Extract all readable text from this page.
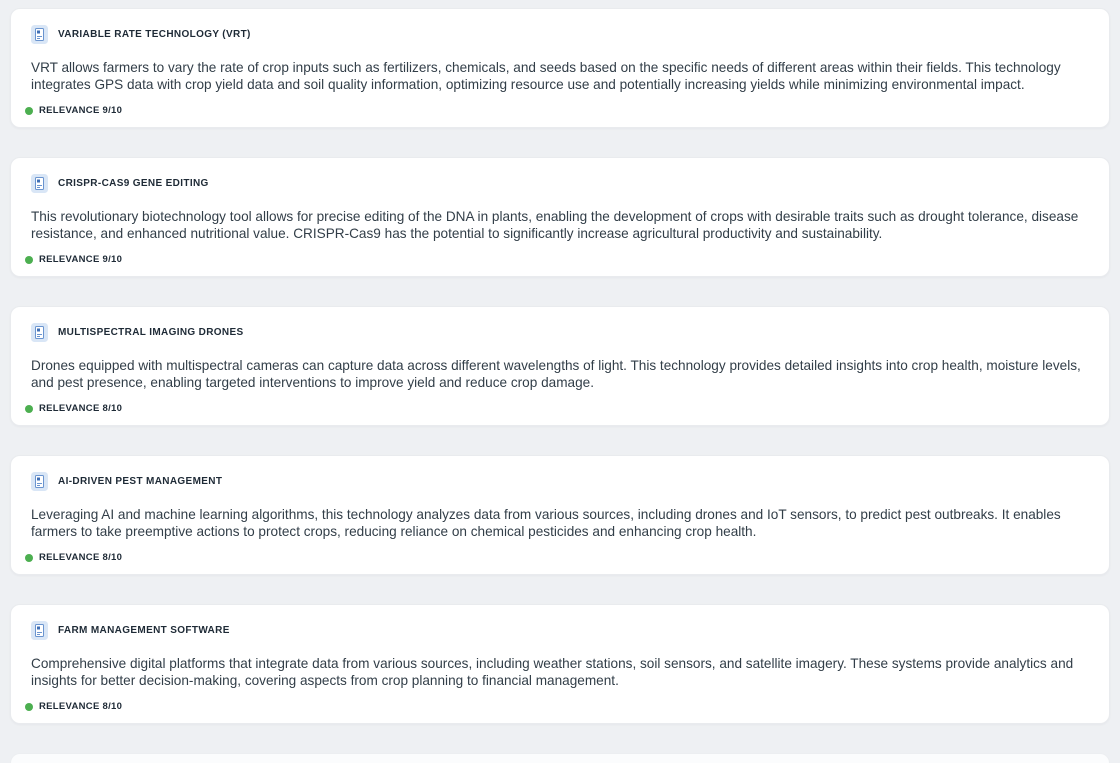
VARIABLE RATE TECHNOLOGY (VRT)

VRT allows farmers to vary the rate of crop inputs such as fertilizers, chemicals, and seeds based on the specific needs of different areas within their fields. This technology integrates GPS data with crop yield data and soil quality information, optimizing resource use and potentially increasing yields while minimizing environmental impact.

RELEVANCE 9/10
CRISPR-CAS9 GENE EDITING

This revolutionary biotechnology tool allows for precise editing of the DNA in plants, enabling the development of crops with desirable traits such as drought tolerance, disease resistance, and enhanced nutritional value. CRISPR-Cas9 has the potential to significantly increase agricultural productivity and sustainability.

RELEVANCE 9/10
MULTISPECTRAL IMAGING DRONES

Drones equipped with multispectral cameras can capture data across different wavelengths of light. This technology provides detailed insights into crop health, moisture levels, and pest presence, enabling targeted interventions to improve yield and reduce crop damage.

RELEVANCE 8/10
AI-DRIVEN PEST MANAGEMENT

Leveraging AI and machine learning algorithms, this technology analyzes data from various sources, including drones and IoT sensors, to predict pest outbreaks. It enables farmers to take preemptive actions to protect crops, reducing reliance on chemical pesticides and enhancing crop health.

RELEVANCE 8/10
FARM MANAGEMENT SOFTWARE

Comprehensive digital platforms that integrate data from various sources, including weather stations, soil sensors, and satellite imagery. These systems provide analytics and insights for better decision-making, covering aspects from crop planning to financial management.

RELEVANCE 8/10
